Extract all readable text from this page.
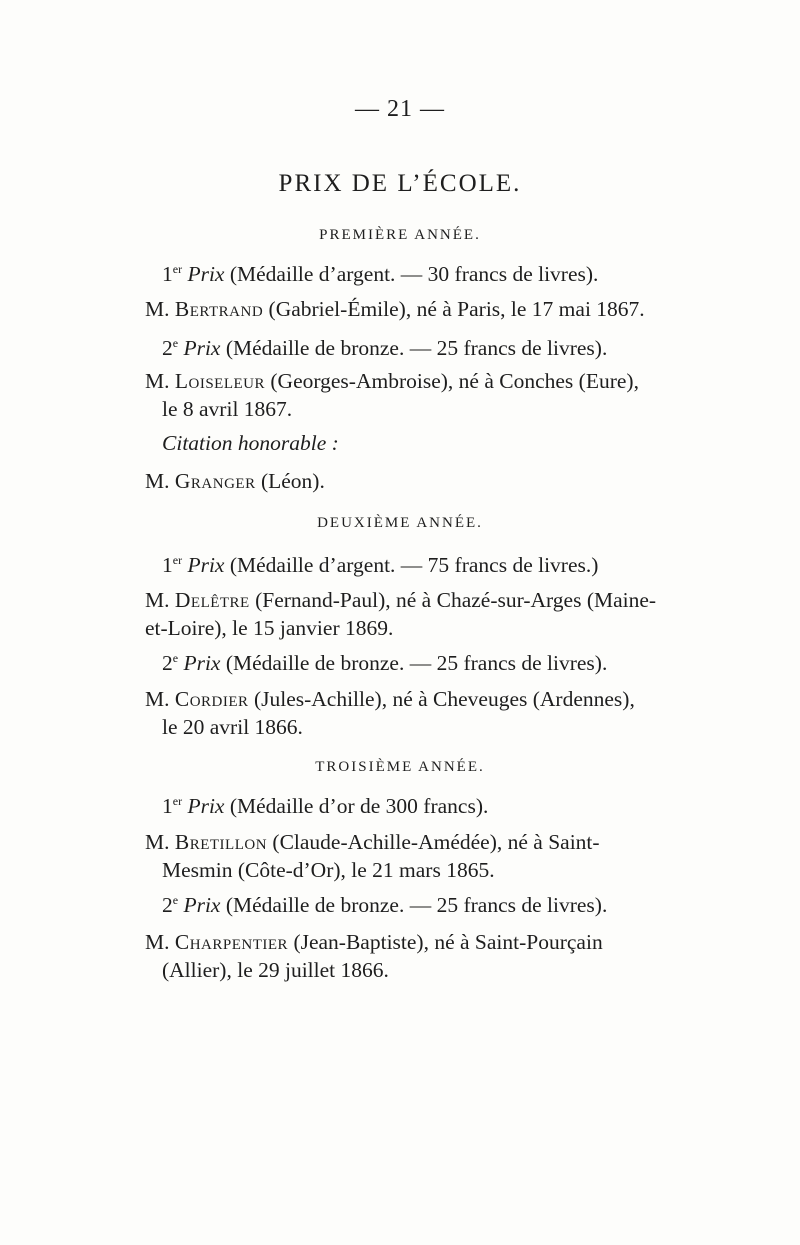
— 21 —
PRIX DE L’ÉCOLE.
PREMIÈRE ANNÉE.
1er Prix (Médaille d’argent. — 30 francs de livres).
M. Bertrand (Gabriel-Émile), né à Paris, le 17 mai 1867.
2e Prix (Médaille de bronze. — 25 francs de livres).
M. Loiseleur (Georges-Ambroise), né à Conches (Eure),
le 8 avril 1867.
Citation honorable :
M. Granger (Léon).
DEUXIÈME ANNÉE.
1er Prix (Médaille d’argent. — 75 francs de livres.)
M. Delêtre (Fernand-Paul), né à Chazé-sur-Arges (Maine-
et-Loire), le 15 janvier 1869.
2e Prix (Médaille de bronze. — 25 francs de livres).
M. Cordier (Jules-Achille), né à Cheveuges (Ardennes),
le 20 avril 1866.
TROISIÈME ANNÉE.
1er Prix (Médaille d’or de 300 francs).
M. Bretillon (Claude-Achille-Amédée), né à Saint-
Mesmin (Côte-d’Or), le 21 mars 1865.
2e Prix (Médaille de bronze. — 25 francs de livres).
M. Charpentier (Jean-Baptiste), né à Saint-Pourçain
(Allier), le 29 juillet 1866.
